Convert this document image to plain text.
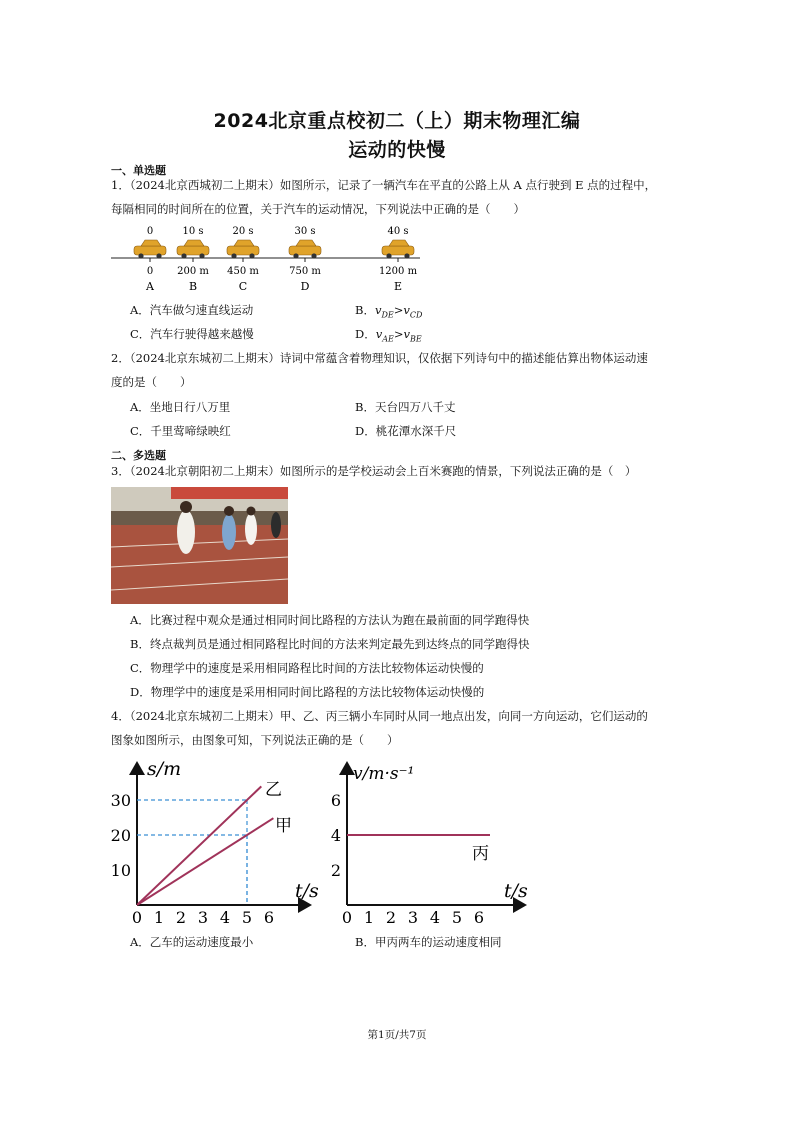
2024北京重点校初二（上）期末物理汇编
运动的快慢
一、单选题
1．（2024北京西城初二上期末）如图所示，记录了一辆汽车在平直的公路上从 A 点行驶到 E 点的过程中，
每隔相同的时间所在的位置，关于汽车的运动情况，下列说法中正确的是（　　）
0
0
A
10 s
200 m
B
20 s
450 m
C
30 s
750 m
D
40 s
1200 m
E
A．汽车做匀速直线运动	B．$v_{DE}>v_{CD}$
C．汽车行驶得越来越慢	D．$v_{AE}>v_{BE}$
2．（2024北京东城初二上期末）诗词中常蕴含着物理知识，仅依据下列诗句中的描述能估算出物体运动速
度的是（　　）
A．坐地日行八万里	B．天台四万八千丈
C．千里莺啼绿映红	D．桃花潭水深千尺
二、多选题
3．（2024北京朝阳初二上期末）如图所示的是学校运动会上百米赛跑的情景，下列说法正确的是（　）
A．比赛过程中观众是通过相同时间比路程的方法认为跑在最前面的同学跑得快
B．终点裁判员是通过相同路程比时间的方法来判定最先到达终点的同学跑得快
C．物理学中的速度是采用相同路程比时间的方法比较物体运动快慢的
D．物理学中的速度是采用相同时间比路程的方法比较物体运动快慢的
4．（2024北京东城初二上期末）甲、乙、丙三辆小车同时从同一地点出发，向同一方向运动，它们运动的
图象如图所示，由图象可知，下列说法正确的是（　　）
s/m
t/s
0 1 2 3 4 5 6
10
20
30
乙
甲
v/m·s⁻¹
t/s
0 1 2 3 4 5 6
2
4
6
丙
A．乙车的运动速度最小	B．甲丙两车的运动速度相同
第1页/共7页
